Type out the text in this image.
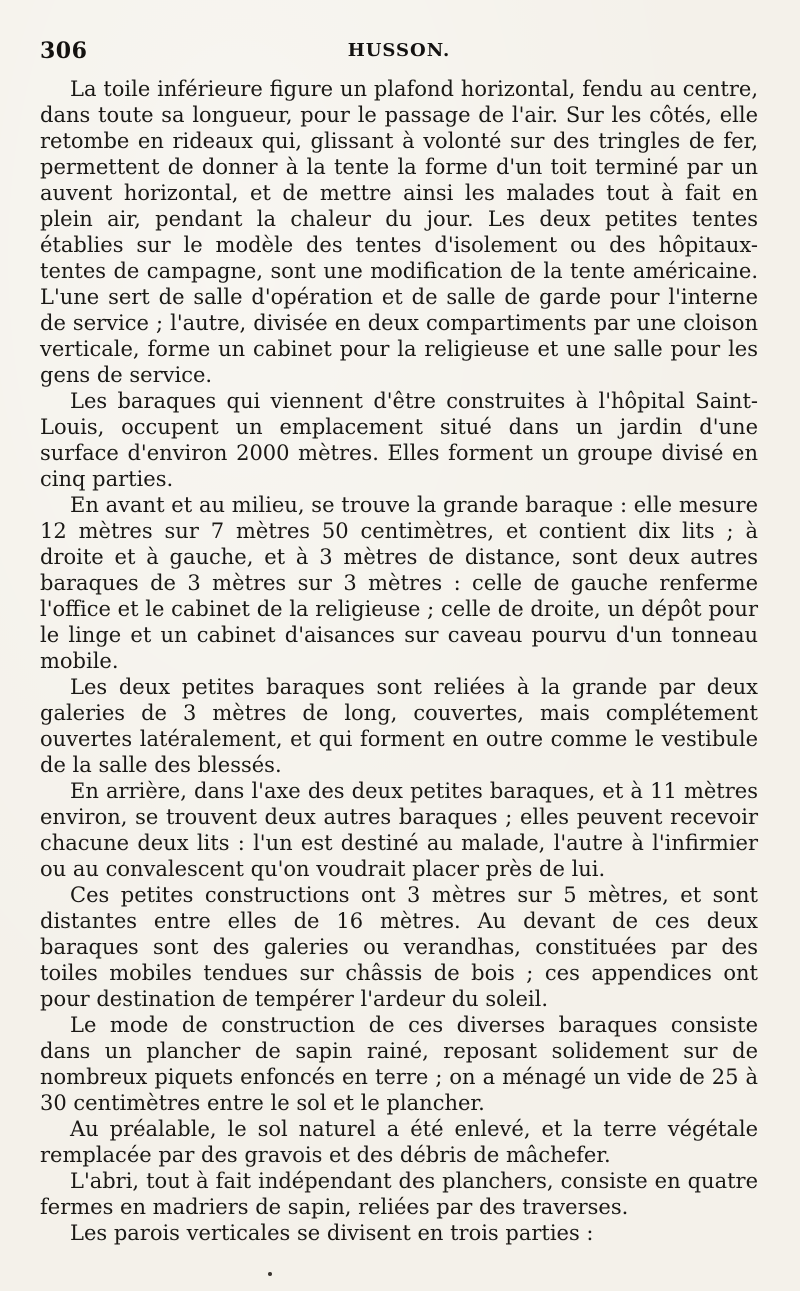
306	HUSSON.

La toile inférieure figure un plafond horizontal, fendu au centre, dans toute sa longueur, pour le passage de l'air. Sur les côtés, elle retombe en rideaux qui, glissant à volonté sur des tringles de fer, permettent de donner à la tente la forme d'un toit terminé par un auvent horizontal, et de mettre ainsi les malades tout à fait en plein air, pendant la chaleur du jour. Les deux petites tentes établies sur le modèle des tentes d'isolement ou des hôpitaux-tentes de campagne, sont une modification de la tente américaine. L'une sert de salle d'opération et de salle de garde pour l'interne de service ; l'autre, divisée en deux compartiments par une cloison verticale, forme un cabinet pour la religieuse et une salle pour les gens de service.

Les baraques qui viennent d'être construites à l'hôpital Saint-Louis, occupent un emplacement situé dans un jardin d'une surface d'environ 2000 mètres. Elles forment un groupe divisé en cinq parties.

En avant et au milieu, se trouve la grande baraque : elle mesure 12 mètres sur 7 mètres 50 centimètres, et contient dix lits ; à droite et à gauche, et à 3 mètres de distance, sont deux autres baraques de 3 mètres sur 3 mètres : celle de gauche renferme l'office et le cabinet de la religieuse ; celle de droite, un dépôt pour le linge et un cabinet d'aisances sur caveau pourvu d'un tonneau mobile.

Les deux petites baraques sont reliées à la grande par deux galeries de 3 mètres de long, couvertes, mais complétement ouvertes latéralement, et qui forment en outre comme le vestibule de la salle des blessés.

En arrière, dans l'axe des deux petites baraques, et à 11 mètres environ, se trouvent deux autres baraques ; elles peuvent recevoir chacune deux lits : l'un est destiné au malade, l'autre à l'infirmier ou au convalescent qu'on voudrait placer près de lui.

Ces petites constructions ont 3 mètres sur 5 mètres, et sont distantes entre elles de 16 mètres. Au devant de ces deux baraques sont des galeries ou verandhas, constituées par des toiles mobiles tendues sur châssis de bois ; ces appendices ont pour destination de tempérer l'ardeur du soleil.

Le mode de construction de ces diverses baraques consiste dans un plancher de sapin rainé, reposant solidement sur de nombreux piquets enfoncés en terre ; on a ménagé un vide de 25 à 30 centimètres entre le sol et le plancher.

Au préalable, le sol naturel a été enlevé, et la terre végétale remplacée par des gravois et des débris de mâchefer.

L'abri, tout à fait indépendant des planchers, consiste en quatre fermes en madriers de sapin, reliées par des traverses.

Les parois verticales se divisent en trois parties :
